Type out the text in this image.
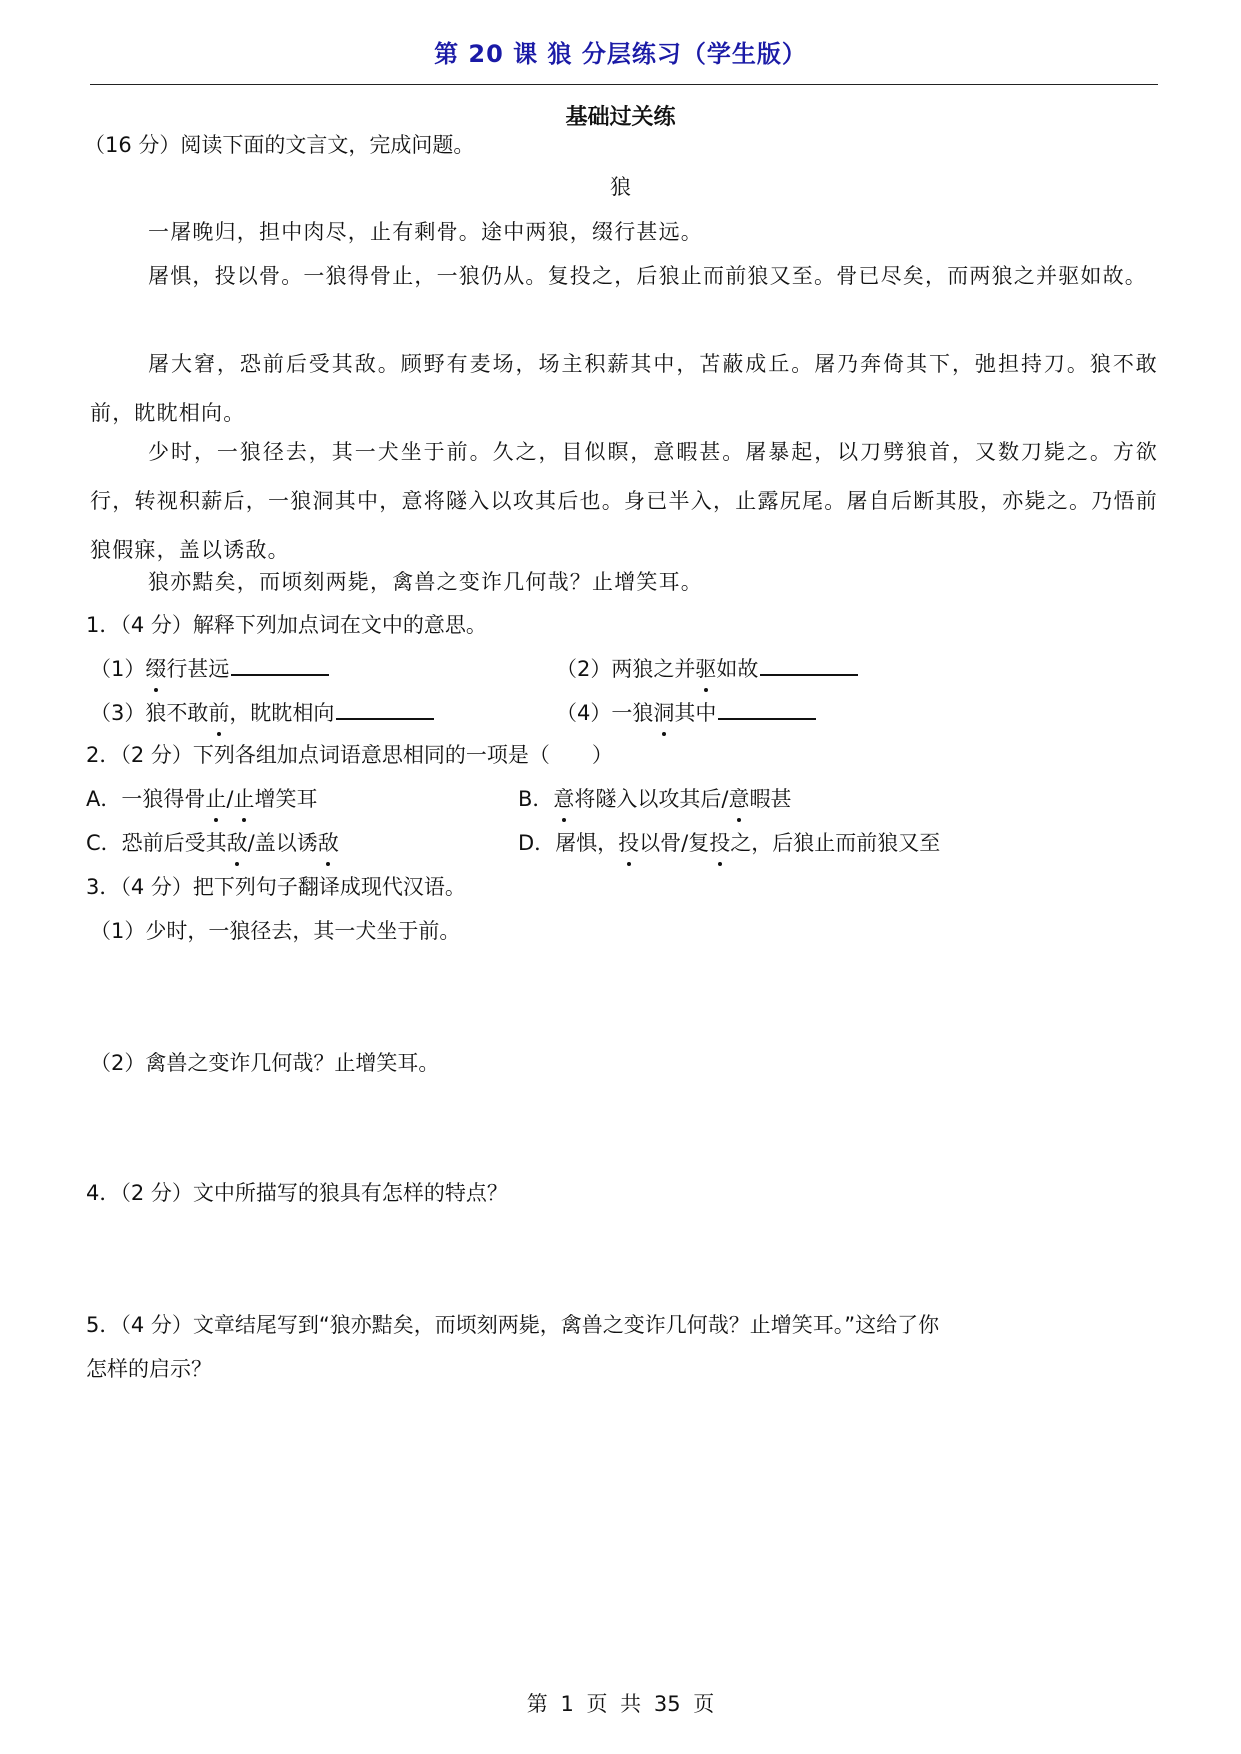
第 20 课 狼 分层练习（学生版）
基础过关练
（16 分）阅读下面的文言文，完成问题。
狼
一屠晚归，担中肉尽，止有剩骨。途中两狼，缀行甚远。
屠惧，投以骨。一狼得骨止，一狼仍从。复投之，后狼止而前狼又至。骨已尽矣，而两狼之并驱如故。
屠大窘，恐前后受其敌。顾野有麦场，场主积薪其中，苫蔽成丘。屠乃奔倚其下，弛担持刀。狼不敢前，眈眈相向。
少时，一狼径去，其一犬坐于前。久之，目似瞑，意暇甚。屠暴起，以刀劈狼首，又数刀毙之。方欲行，转视积薪后，一狼洞其中，意将隧入以攻其后也。身已半入，止露尻尾。屠自后断其股，亦毙之。乃悟前狼假寐，盖以诱敌。
狼亦黠矣，而顷刻两毙，禽兽之变诈几何哉？止增笑耳。
1．（4 分）解释下列加点词在文中的意思。
（1）缀行甚远	（2）两狼之并驱如故
（3）狼不敢前，眈眈相向	（4）一狼洞其中
2．（2 分）下列各组加点词语意思相同的一项是（　　）
A．一狼得骨止/止增笑耳	B．意将隧入以攻其后/意暇甚
C．恐前后受其敌/盖以诱敌	D．屠惧，投以骨/复投之，后狼止而前狼又至
3．（4 分）把下列句子翻译成现代汉语。
（1）少时，一狼径去，其一犬坐于前。
（2）禽兽之变诈几何哉？止增笑耳。
4．（2 分）文中所描写的狼具有怎样的特点？
5．（4 分）文章结尾写到“狼亦黠矣，而顷刻两毙，禽兽之变诈几何哉？止增笑耳。”这给了你
怎样的启示？
第 1 页 共 35 页
